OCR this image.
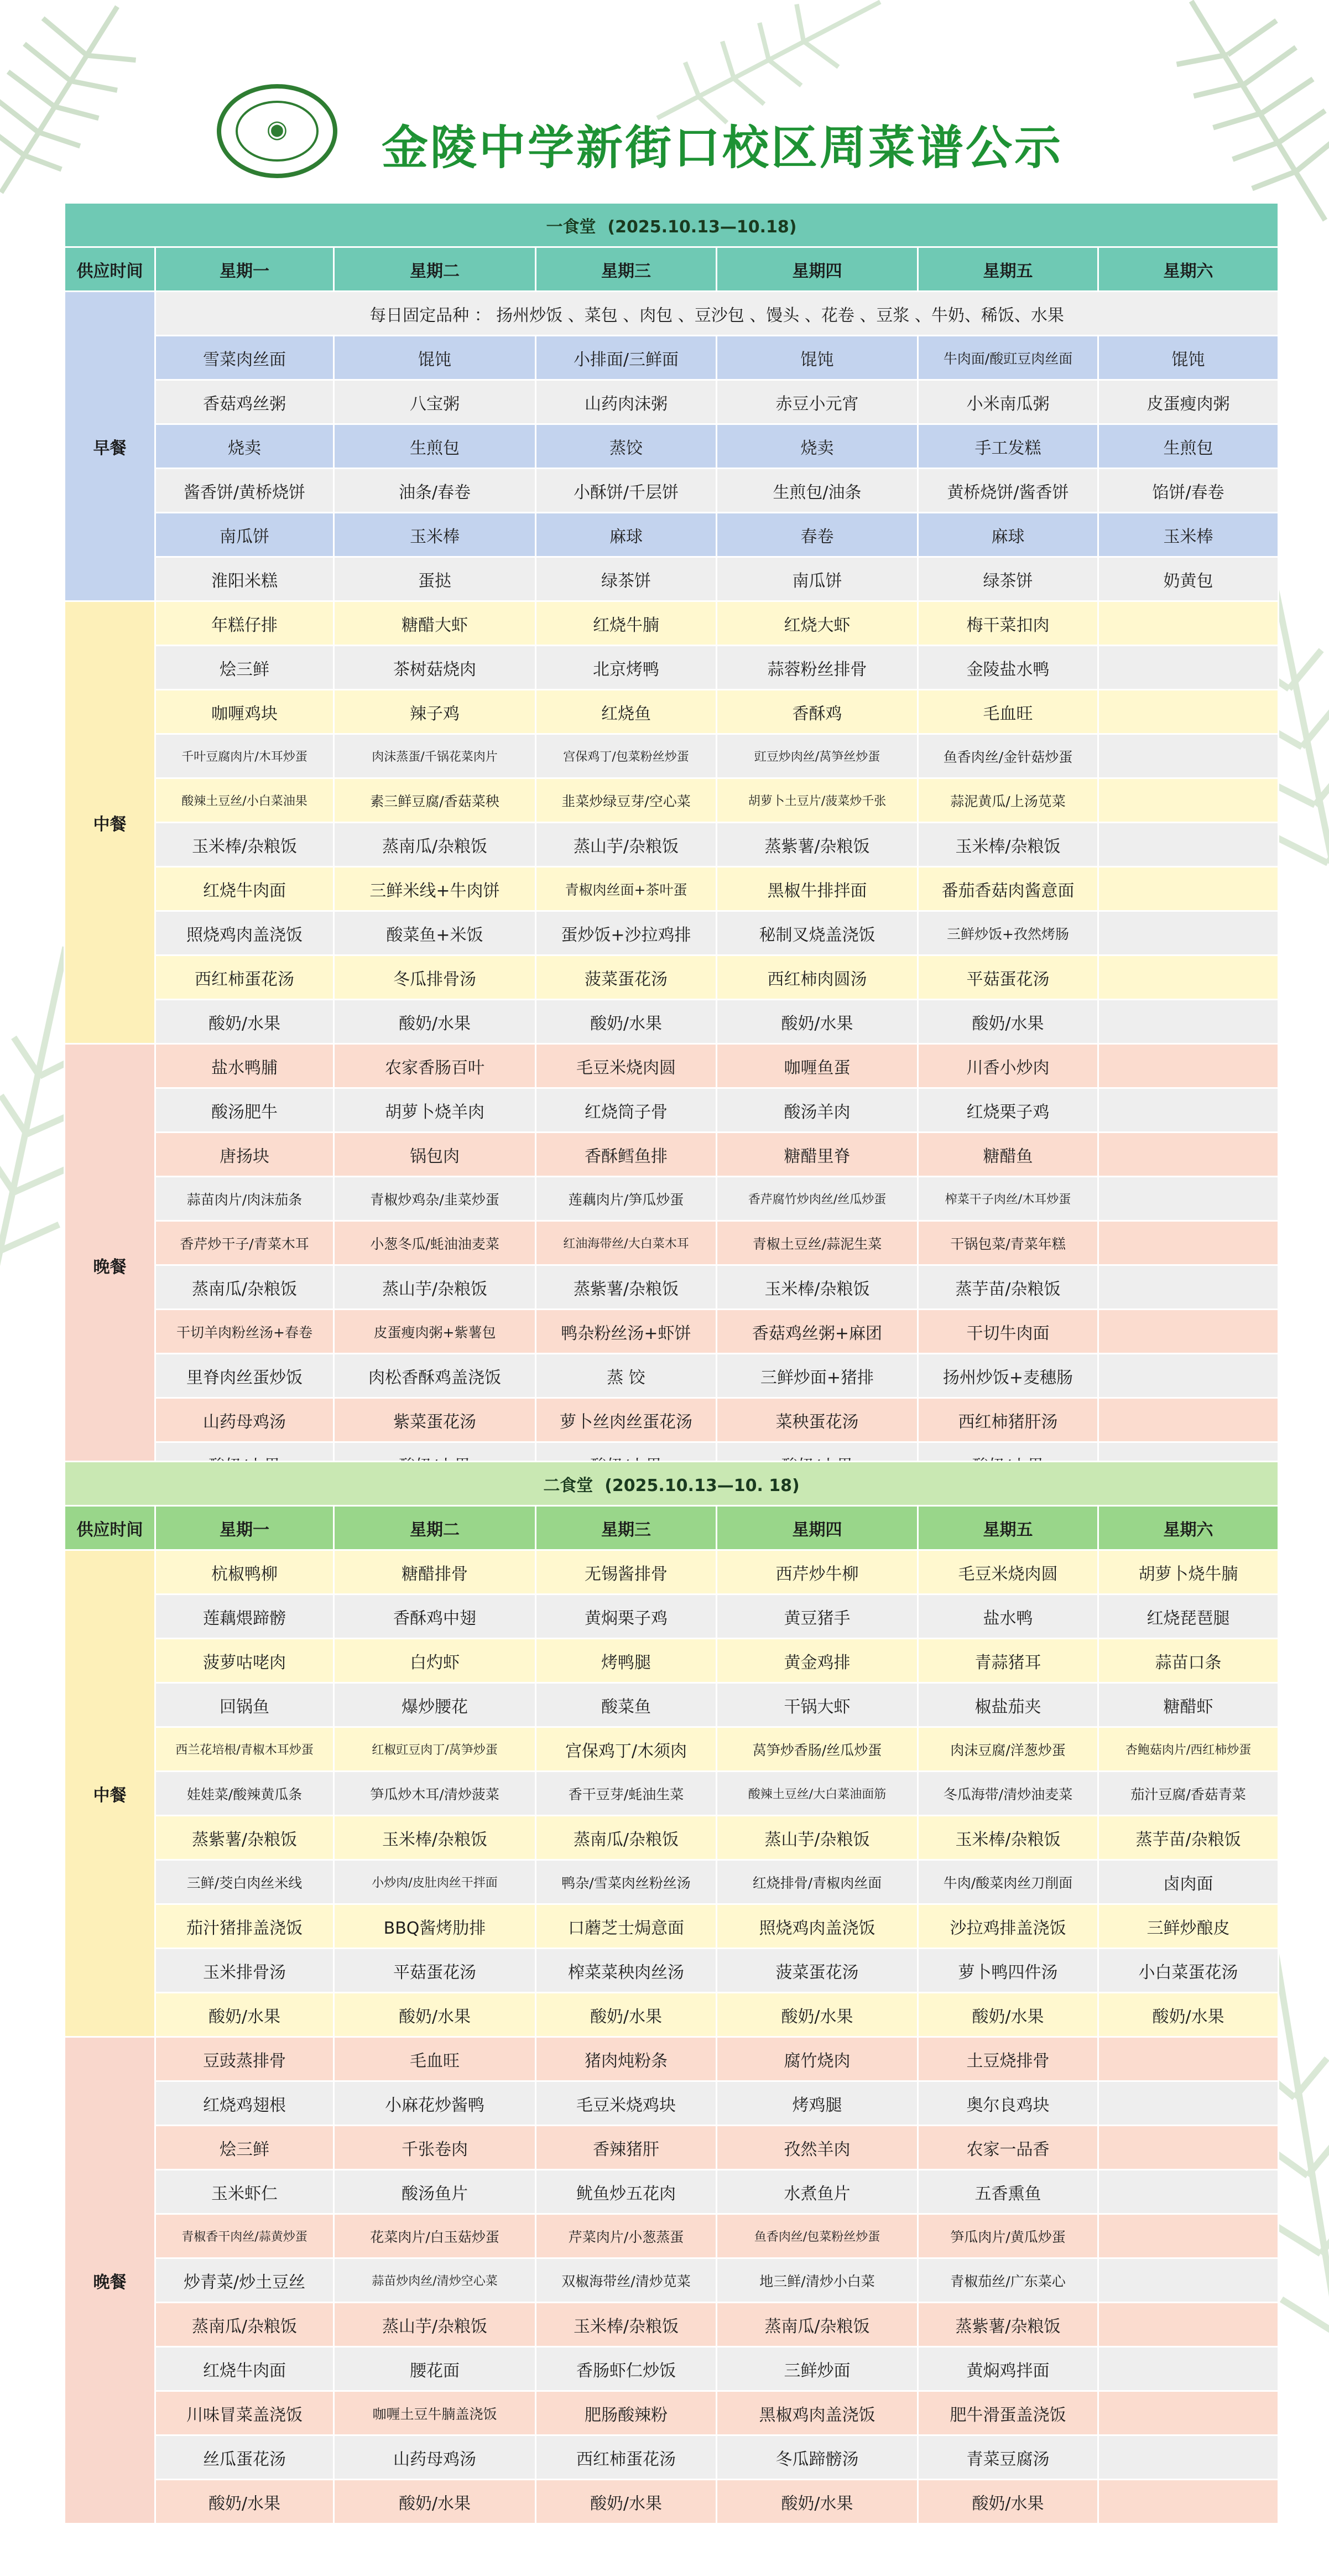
◉ 金陵中学新街口校区周菜谱公示
一食堂 (2025.10.13—10.18)						
供应时间	星期一	星期二	星期三	星期四	星期五	星期六
早餐	每日固定品种 ： 扬州炒饭 、菜包 、肉包 、豆沙包 、馒头 、花卷 、豆浆 、牛奶、稀饭、水果					
	雪菜肉丝面	馄饨	小排面/三鲜面	馄饨	牛肉面/酸豇豆肉丝面	馄饨
	香菇鸡丝粥	八宝粥	山药肉沫粥	赤豆小元宵	小米南瓜粥	皮蛋瘦肉粥
	烧卖	生煎包	蒸饺	烧卖	手工发糕	生煎包
	酱香饼/黄桥烧饼	油条/春卷	小酥饼/千层饼	生煎包/油条	黄桥烧饼/酱香饼	馅饼/春卷
	南瓜饼	玉米棒	麻球	春卷	麻球	玉米棒
	淮阳米糕	蛋挞	绿茶饼	南瓜饼	绿茶饼	奶黄包
中餐	年糕仔排	糖醋大虾	红烧牛腩	红烧大虾	梅干菜扣肉	
	烩三鲜	茶树菇烧肉	北京烤鸭	蒜蓉粉丝排骨	金陵盐水鸭	
	咖喱鸡块	辣子鸡	红烧鱼	香酥鸡	毛血旺	
	千叶豆腐肉片/木耳炒蛋	肉沫蒸蛋/千锅花菜肉片	宫保鸡丁/包菜粉丝炒蛋	豇豆炒肉丝/莴笋丝炒蛋	鱼香肉丝/金针菇炒蛋	
	酸辣土豆丝/小白菜油果	素三鲜豆腐/香菇菜秧	韭菜炒绿豆芽/空心菜	胡萝卜土豆片/菠菜炒千张	蒜泥黄瓜/上汤苋菜	
	玉米棒/杂粮饭	蒸南瓜/杂粮饭	蒸山芋/杂粮饭	蒸紫薯/杂粮饭	玉米棒/杂粮饭	
	红烧牛肉面	三鲜米线+牛肉饼	青椒肉丝面+茶叶蛋	黑椒牛排拌面	番茄香菇肉酱意面	
	照烧鸡肉盖浇饭	酸菜鱼+米饭	蛋炒饭+沙拉鸡排	秘制叉烧盖浇饭	三鲜炒饭+孜然烤肠	
	西红柿蛋花汤	冬瓜排骨汤	菠菜蛋花汤	西红柿肉圆汤	平菇蛋花汤	
	酸奶/水果	酸奶/水果	酸奶/水果	酸奶/水果	酸奶/水果	
晚餐	盐水鸭脯	农家香肠百叶	毛豆米烧肉圆	咖喱鱼蛋	川香小炒肉	
	酸汤肥牛	胡萝卜烧羊肉	红烧筒子骨	酸汤羊肉	红烧栗子鸡	
	唐扬块	锅包肉	香酥鳕鱼排	糖醋里脊	糖醋鱼	
	蒜苗肉片/肉沫茄条	青椒炒鸡杂/韭菜炒蛋	莲藕肉片/笋瓜炒蛋	香芹腐竹炒肉丝/丝瓜炒蛋	榨菜干子肉丝/木耳炒蛋	
	香芹炒干子/青菜木耳	小葱冬瓜/蚝油油麦菜	红油海带丝/大白菜木耳	青椒土豆丝/蒜泥生菜	干锅包菜/青菜年糕	
	蒸南瓜/杂粮饭	蒸山芋/杂粮饭	蒸紫薯/杂粮饭	玉米棒/杂粮饭	蒸芋苗/杂粮饭	
	干切羊肉粉丝汤+春卷	皮蛋瘦肉粥+紫薯包	鸭杂粉丝汤+虾饼	香菇鸡丝粥+麻团	干切牛肉面	
	里脊肉丝蛋炒饭	肉松香酥鸡盖浇饭	蒸 饺	三鲜炒面+猪排	扬州炒饭+麦穗肠	
	山药母鸡汤	紫菜蛋花汤	萝卜丝肉丝蛋花汤	菜秧蛋花汤	西红柿猪肝汤	

二食堂 (2025.10.13—10. 18)						
供应时间	星期一	星期二	星期三	星期四	星期五	星期六
中餐	杭椒鸭柳	糖醋排骨	无锡酱排骨	西芹炒牛柳	毛豆米烧肉圆	胡萝卜烧牛腩
	莲藕煨蹄髈	香酥鸡中翅	黄焖栗子鸡	黄豆猪手	盐水鸭	红烧琵琶腿
	菠萝咕咾肉	白灼虾	烤鸭腿	黄金鸡排	青蒜猪耳	蒜苗口条
	回锅鱼	爆炒腰花	酸菜鱼	干锅大虾	椒盐茄夹	糖醋虾
	西兰花培根/青椒木耳炒蛋	红椒豇豆肉丁/莴笋炒蛋	宫保鸡丁/木须肉	莴笋炒香肠/丝瓜炒蛋	肉沫豆腐/洋葱炒蛋	杏鲍菇肉片/西红柿炒蛋
	娃娃菜/酸辣黄瓜条	笋瓜炒木耳/清炒菠菜	香干豆芽/蚝油生菜	酸辣土豆丝/大白菜油面筋	冬瓜海带/清炒油麦菜	茄汁豆腐/香菇青菜
	蒸紫薯/杂粮饭	玉米棒/杂粮饭	蒸南瓜/杂粮饭	蒸山芋/杂粮饭	玉米棒/杂粮饭	蒸芋苗/杂粮饭
	三鲜/茭白肉丝米线	小炒肉/皮肚肉丝干拌面	鸭杂/雪菜肉丝粉丝汤	红烧排骨/青椒肉丝面	牛肉/酸菜肉丝刀削面	卤肉面
	茄汁猪排盖浇饭	BBQ酱烤肋排	口蘑芝士焗意面	照烧鸡肉盖浇饭	沙拉鸡排盖浇饭	三鲜炒酿皮
	玉米排骨汤	平菇蛋花汤	榨菜菜秧肉丝汤	菠菜蛋花汤	萝卜鸭四件汤	小白菜蛋花汤
	酸奶/水果	酸奶/水果	酸奶/水果	酸奶/水果	酸奶/水果	酸奶/水果
晚餐	豆豉蒸排骨	毛血旺	猪肉炖粉条	腐竹烧肉	土豆烧排骨	
	红烧鸡翅根	小麻花炒酱鸭	毛豆米烧鸡块	烤鸡腿	奥尔良鸡块	
	烩三鲜	千张卷肉	香辣猪肝	孜然羊肉	农家一品香	
	玉米虾仁	酸汤鱼片	鱿鱼炒五花肉	水煮鱼片	五香熏鱼	
	青椒香干肉丝/蒜黄炒蛋	花菜肉片/白玉菇炒蛋	芹菜肉片/小葱蒸蛋	鱼香肉丝/包菜粉丝炒蛋	笋瓜肉片/黄瓜炒蛋	
	炒青菜/炒土豆丝	蒜苗炒肉丝/清炒空心菜	双椒海带丝/清炒苋菜	地三鲜/清炒小白菜	青椒茄丝/广东菜心	
	蒸南瓜/杂粮饭	蒸山芋/杂粮饭	玉米棒/杂粮饭	蒸南瓜/杂粮饭	蒸紫薯/杂粮饭	
	红烧牛肉面	腰花面	香肠虾仁炒饭	三鲜炒面	黄焖鸡拌面	
	川味冒菜盖浇饭	咖喱土豆牛腩盖浇饭	肥肠酸辣粉	黑椒鸡肉盖浇饭	肥牛滑蛋盖浇饭	
	丝瓜蛋花汤	山药母鸡汤	西红柿蛋花汤	冬瓜蹄髈汤	青菜豆腐汤	
	酸奶/水果	酸奶/水果	酸奶/水果	酸奶/水果	酸奶/水果	
